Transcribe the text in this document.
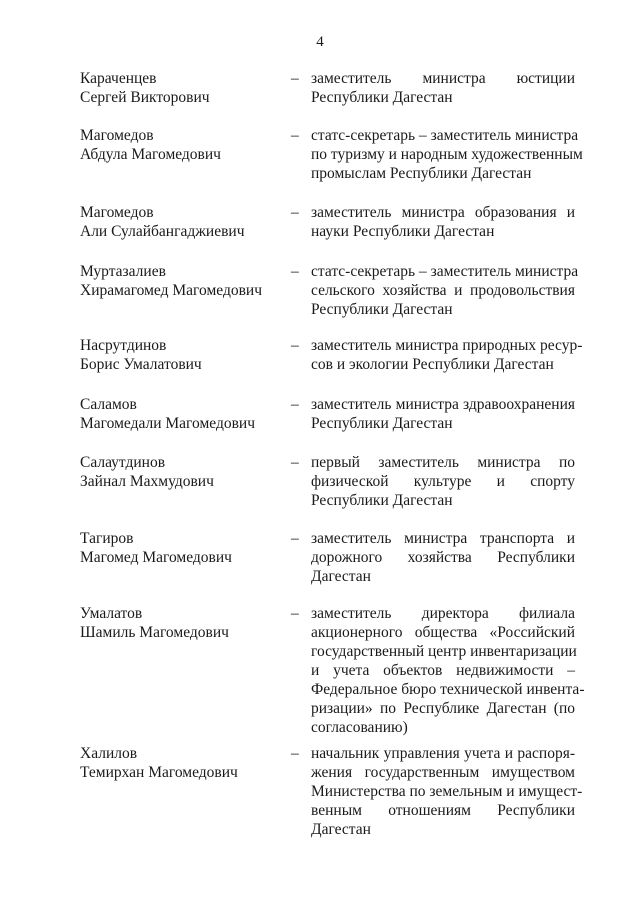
4
Караченцев
Сергей Викторович
– заместитель министра юстиции
Республики Дагестан
Магомедов
Абдула Магомедович
– статс-секретарь – заместитель министра
по туризму и народным художественным
промыслам Республики Дагестан
Магомедов
Али Сулайбангаджиевич
– заместитель министра образования и
науки Республики Дагестан
Муртазалиев
Хирамагомед Магомедович
– статс-секретарь – заместитель министра
сельского хозяйства и продовольствия
Республики Дагестан
Насрутдинов
Борис Умалатович
– заместитель министра природных ресур-
сов и экологии Республики Дагестан
Саламов
Магомедали Магомедович
– заместитель министра здравоохранения
Республики Дагестан
Салаутдинов
Зайнал Махмудович
– первый заместитель министра по
физической культуре и спорту
Республики Дагестан
Тагиров
Магомед Магомедович
– заместитель министра транспорта и
дорожного хозяйства Республики
Дагестан
Умалатов
Шамиль Магомедович
– заместитель директора филиала
акционерного общества «Российский
государственный центр инвентаризации
и учета объектов недвижимости –
Федеральное бюро технической инвента-
ризации» по Республике Дагестан (по
согласованию)
Халилов
Темирхан Магомедович
– начальник управления учета и распоря-
жения государственным имуществом
Министерства по земельным и имущест-
венным отношениям Республики
Дагестан
